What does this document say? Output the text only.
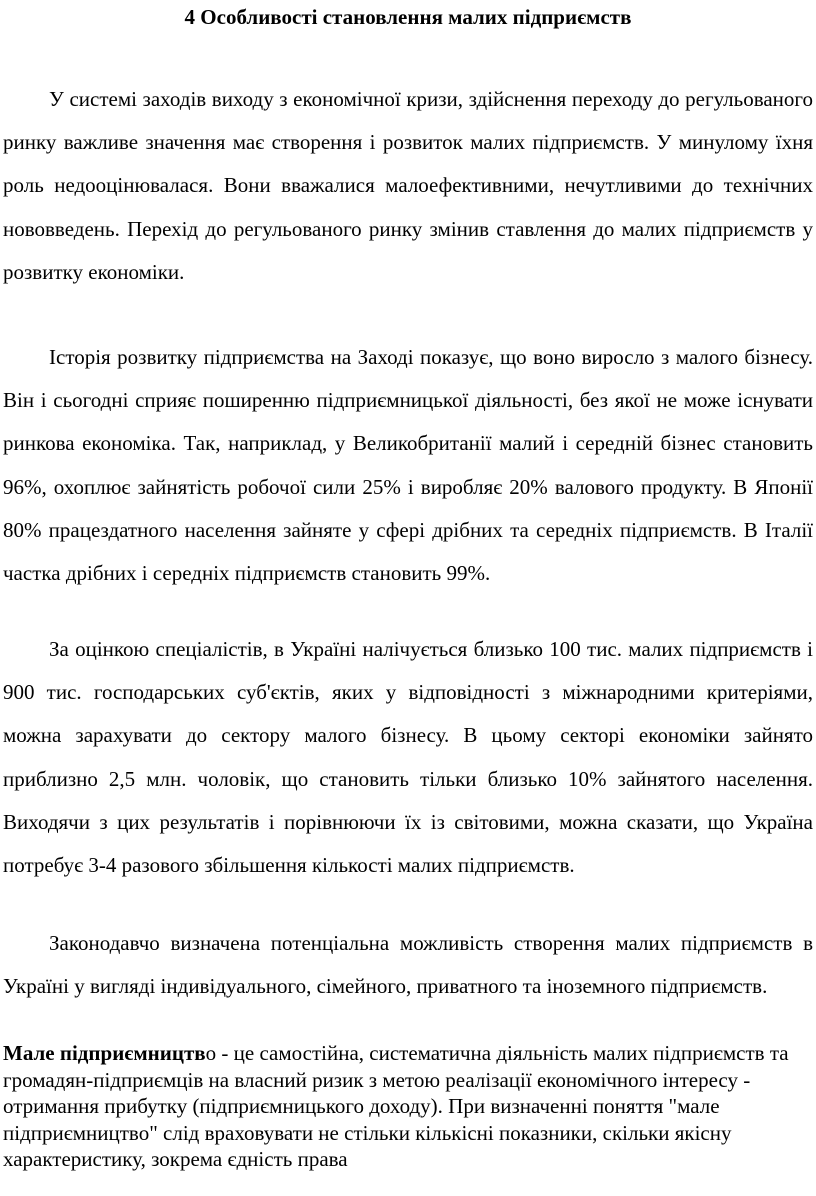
4 Особливості становлення малих підприємств

У системі заходів виходу з економічної кризи, здійснення переходу до регульованого ринку важливе значення має створення і розвиток малих підприємств. У минулому їхня роль недооцінювалася. Вони вважалися малоефективними, нечутливими до технічних нововведень. Перехід до регульованого ринку змінив ставлення до малих підприємств у розвитку економіки.

Історія розвитку підприємства на Заході показує, що воно виросло з малого бізнесу. Він і сьогодні сприяє поширенню підприємницької діяльності, без якої не може існувати ринкова економіка. Так, наприклад, у Великобританії малий і середній бізнес становить 96%, охоплює зайнятість робочої сили 25% і виробляє 20% валового продукту. В Японії 80% працездатного населення зайняте у сфері дрібних та середніх підприємств. В Італії частка дрібних і середніх підприємств становить 99%.

За оцінкою спеціалістів, в Україні налічується близько 100 тис. малих підприємств і 900 тис. господарських суб'єктів, яких у відповідності з міжнародними критеріями, можна зарахувати до сектору малого бізнесу. В цьому секторі економіки зайнято приблизно 2,5 млн. чоловік, що становить тільки близько 10% зайнятого населення. Виходячи з цих результатів і порівнюючи їх із світовими, можна сказати, що Україна потребує 3-4 разового збільшення кількості малих підприємств.

Законодавчо визначена потенціальна можливість створення малих підприємств в Україні у вигляді індивідуального, сімейного, приватного та іноземного підприємств.

Мале підприємництво - це самостійна, систематична діяльність малих підприємств та громадян-підприємців на власний ризик з метою реалізації економічного інтересу - отримання прибутку (підприємницького доходу). При визначенні поняття "мале підприємництво" слід враховувати не стільки кількісні показники, скільки якісну характеристику, зокрема єдність права
